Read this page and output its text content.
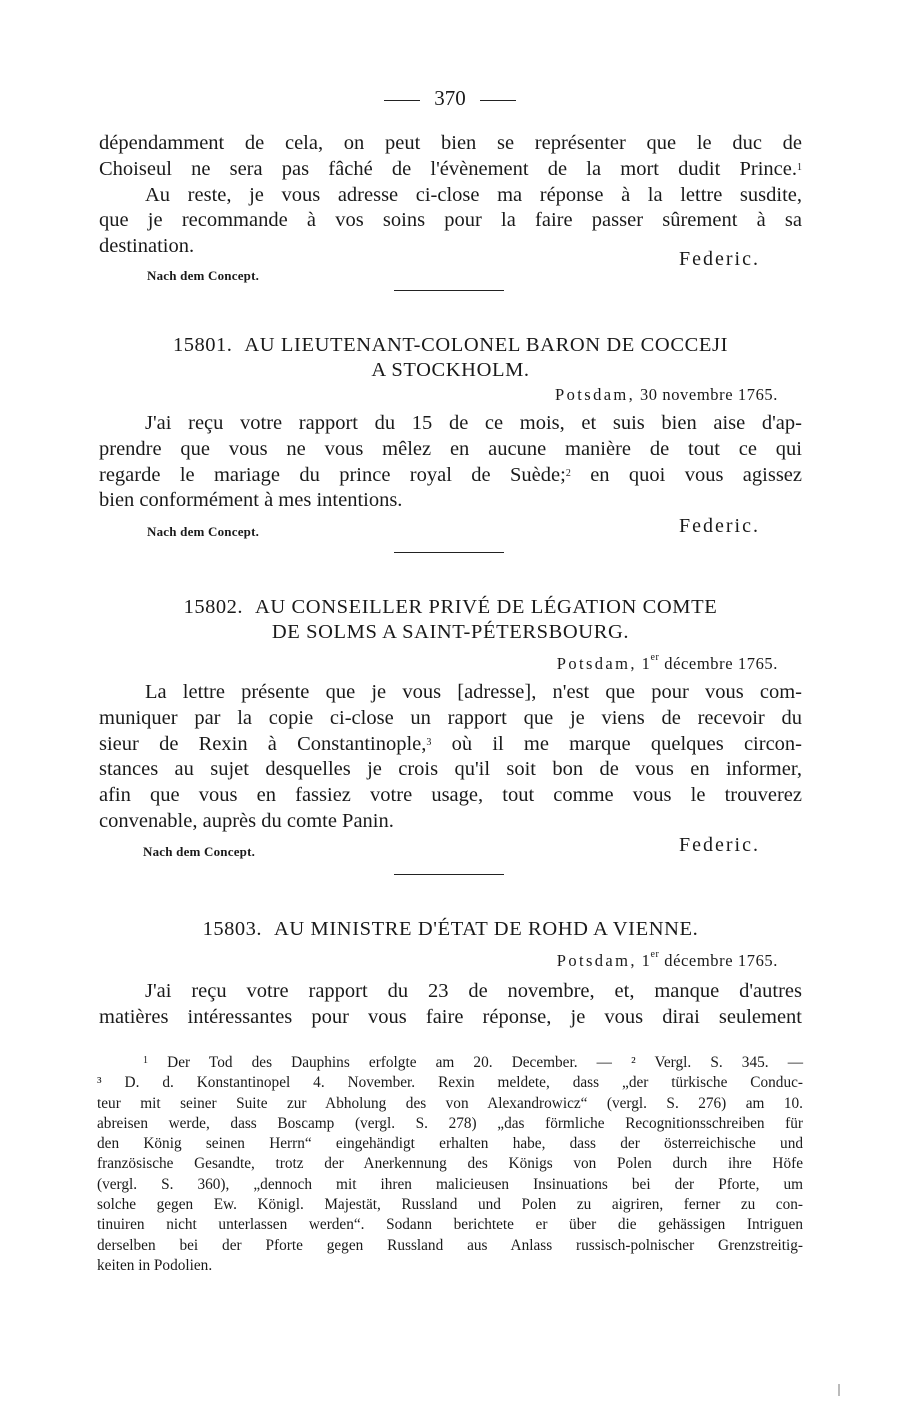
370
dépendamment de cela, on peut bien se représenter que le duc de
Choiseul ne sera pas fâché de l'évènement de la mort dudit Prince.$^1$
Au reste, je vous adresse ci-close ma réponse à la lettre susdite,
que je recommande à vos soins pour la faire passer sûrement à sa
destination.
Nach dem Concept.
Federic.
15801. AU LIEUTENANT-COLONEL BARON DE COCCEJI
A STOCKHOLM.
Potsdam, 30 novembre 1765.
J'ai reçu votre rapport du 15 de ce mois, et suis bien aise d'ap-
prendre que vous ne vous mêlez en aucune manière de tout ce qui
regarde le mariage du prince royal de Suède;$^2$ en quoi vous agissez
bien conformément à mes intentions.
Nach dem Concept.	Federic.
15802. AU CONSEILLER PRIVÉ DE LÉGATION COMTE
DE SOLMS A SAINT-PÉTERSBOURG.
Potsdam, 1er décembre 1765.
La lettre présente que je vous [adresse], n'est que pour vous com-
muniquer par la copie ci-close un rapport que je viens de recevoir du
sieur de Rexin à Constantinople,$^3$ où il me marque quelques circon-
stances au sujet desquelles je crois qu'il soit bon de vous en informer,
afin que vous en fassiez votre usage, tout comme vous le trouverez
convenable, auprès du comte Panin.
Nach dem Concept.	Federic.
15803. AU MINISTRE D'ÉTAT DE ROHD A VIENNE.
Potsdam, 1er décembre 1765.
J'ai reçu votre rapport du 23 de novembre, et, manque d'autres
matières intéressantes pour vous faire réponse, je vous dirai seulement
$^1$ Der Tod des Dauphins erfolgte am 20. December. — ² Vergl. S. 345. —
³ D. d. Konstantinopel 4. November. Rexin meldete, dass „der türkische Conduc-
teur mit seiner Suite zur Abholung des von Alexandrowicz“ (vergl. S. 276) am 10.
abreisen werde, dass Boscamp (vergl. S. 278) „das förmliche Recognitionsschreiben für
den König seinen Herrn“ eingehändigt erhalten habe, dass der österreichische und
französische Gesandte, trotz der Anerkennung des Königs von Polen durch ihre Höfe
(vergl. S. 360), „dennoch mit ihren malicieusen Insinuations bei der Pforte, um
solche gegen Ew. Königl. Majestät, Russland und Polen zu aigriren, ferner zu con-
tinuiren nicht unterlassen werden“. Sodann berichtete er über die gehässigen Intriguen
derselben bei der Pforte gegen Russland aus Anlass russisch-polnischer Grenzstreitig-
keiten in Podolien.
